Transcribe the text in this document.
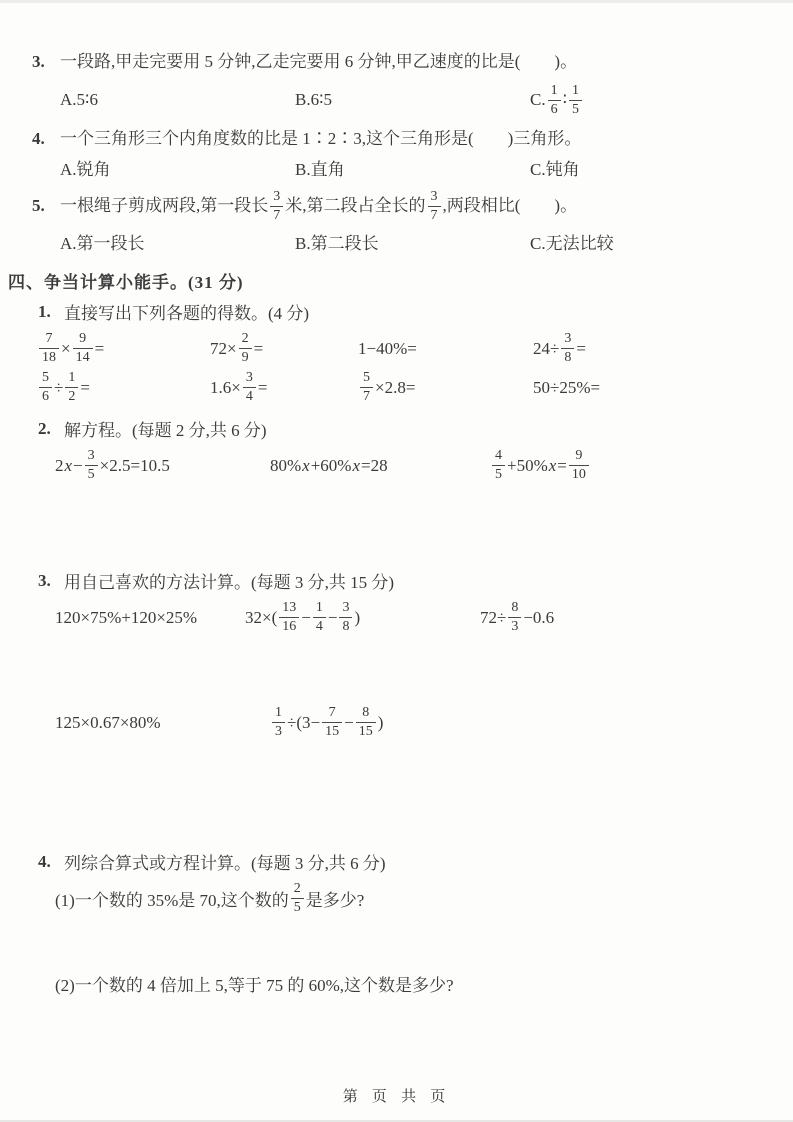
3. 一段路,甲走完要用 5 分钟,乙走完要用 6 分钟,甲乙速度的比是(　　)。
A.5∶6	B.6∶5	C. $\frac{1}{6}$ ∶ $\frac{1}{5}$
4. 一个三角形三个内角度数的比是 1∶2∶3,这个三角形是(　　)三角形。
A.锐角	B.直角	C.钝角
5. 一根绳子剪成两段,第一段长 $\frac{3}{7}$ 米,第二段占全长的 $\frac{3}{7}$ ,两段相比(　　)。
A.第一段长	B.第二段长	C.无法比较
四、争当计算小能手。(31 分)
1. 直接写出下列各题的得数。(4 分)
$\frac{7}{18} \times \frac{9}{14}$ =	$72\times \frac{2}{9}$ =	1−40%=	$24\div \frac{3}{8}$ =
$\frac{5}{6} \div \frac{1}{2}$ =	$1.6\times \frac{3}{4}$ =	$\frac{5}{7} \times 2.8=$	50÷25%=
2. 解方程。(每题 2 分,共 6 分)
2 $x - \frac{3}{5} \times 2.5=10.5$	80% x +60% x =28	$\frac{4}{5} +50\%$ $x = \frac{9}{10}$
3. 用自己喜欢的方法计算。(每题 3 分,共 15 分)
120×75%+120×25%	$32\times( \frac{13}{16} - \frac{1}{4} - \frac{3}{8}$ )	$72\div \frac{8}{3} -0.6$
125×0.67×80%	$\frac{1}{3} \div(3- \frac{7}{15} - \frac{8}{15}$ )
4. 列综合算式或方程计算。(每题 3 分,共 6 分)
(1)一个数的 35%是 70,这个数的 $\frac{2}{5}$ 是多少?
(2)一个数的 4 倍加上 5,等于 75 的 60%,这个数是多少?
第 页 共 页
